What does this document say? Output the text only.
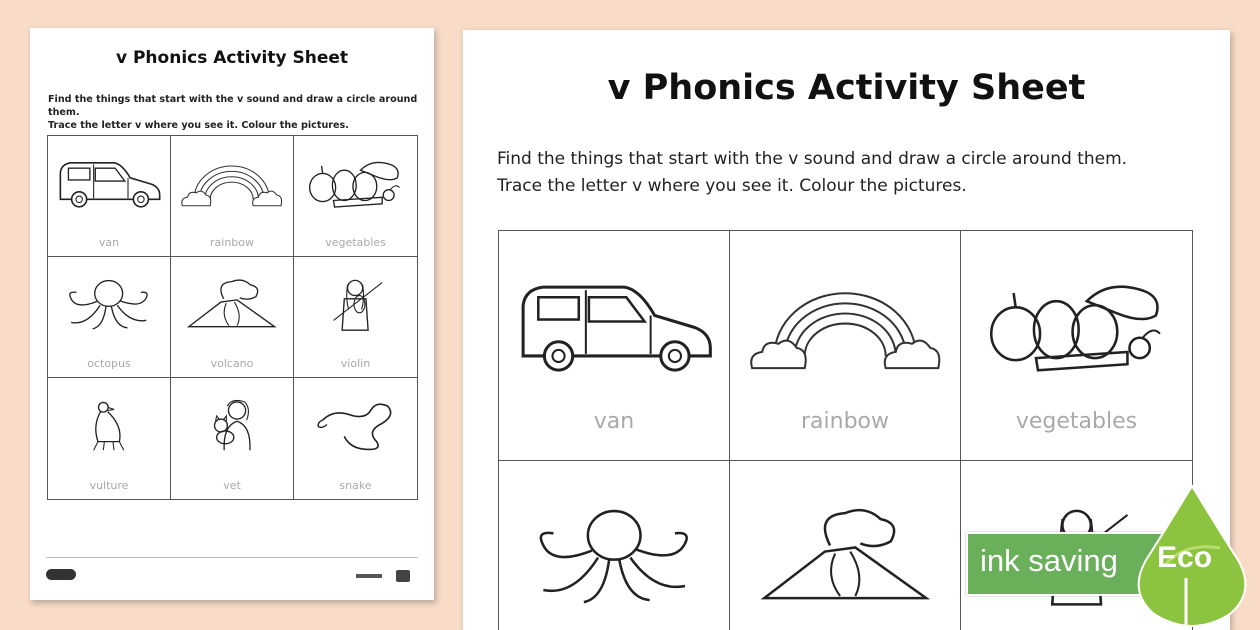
v Phonics Activity Sheet
Find the things that start with the v sound and draw a circle around them.
Trace the letter v where you see it. Colour the pictures.
van	rainbow	vegetables
octopus	volcano	violin
vulture	vet	snake
v Phonics Activity Sheet
Find the things that start with the v sound and draw a circle around them.
Trace the letter v where you see it. Colour the pictures.
van	rainbow	vegetables
ink saving Eco
